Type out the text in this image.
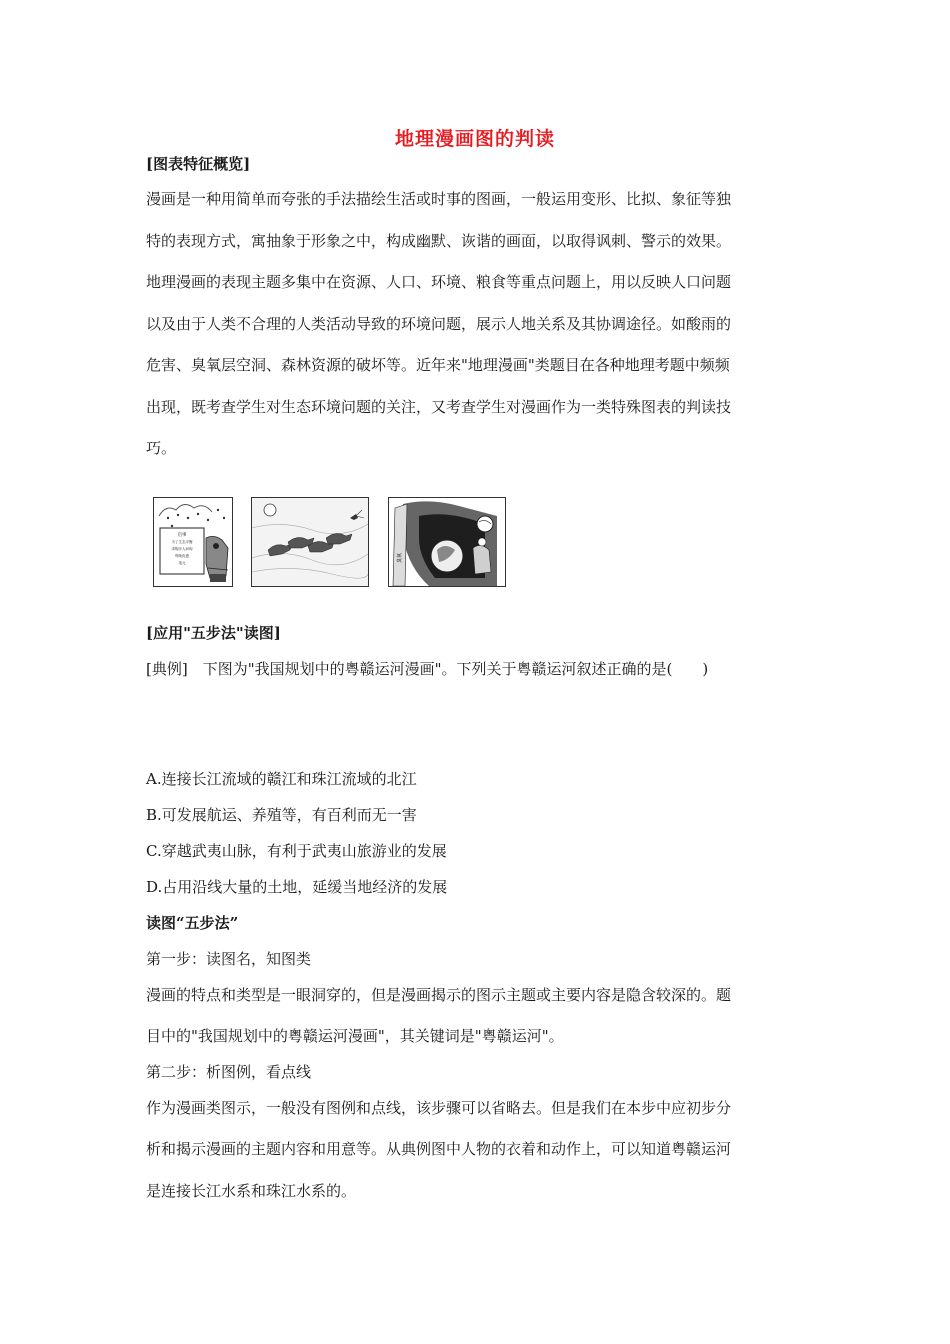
地理漫画图的判读
[图表特征概览]
漫画是一种用简单而夸张的手法描绘生活或时事的图画，一般运用变形、比拟、象征等独
特的表现方式，寓抽象于形象之中，构成幽默、诙谐的画面，以取得讽刺、警示的效果。
地理漫画的表现主题多集中在资源、人口、环境、粮食等重点问题上，用以反映人口问题
以及由于人类不合理的人类活动导致的环境问题，展示人地关系及其协调途径。如酸雨的
危害、臭氧层空洞、森林资源的破坏等。近年来"地理漫画"类题目在各种地理考题中频频
出现，既考查学生对生态环境问题的关注，又考查学生对漫画作为一类特殊图表的判读技
巧。
启事
为了生态平衡
求购多人问询
每吨优惠
电元	臭氧
[应用"五步法"读图]
[典例]　下图为"我国规划中的粤赣运河漫画"。下列关于粤赣运河叙述正确的是(　　)
A.连接长江流域的赣江和珠江流域的北江
B.可发展航运、养殖等，有百利而无一害
C.穿越武夷山脉，有利于武夷山旅游业的发展
D.占用沿线大量的土地，延缓当地经济的发展
读图“五步法”
第一步：读图名，知图类
漫画的特点和类型是一眼洞穿的，但是漫画揭示的图示主题或主要内容是隐含较深的。题
目中的"我国规划中的粤赣运河漫画"，其关键词是"粤赣运河"。
第二步：析图例，看点线
作为漫画类图示，一般没有图例和点线，该步骤可以省略去。但是我们在本步中应初步分
析和揭示漫画的主题内容和用意等。从典例图中人物的衣着和动作上，可以知道粤赣运河
是连接长江水系和珠江水系的。
